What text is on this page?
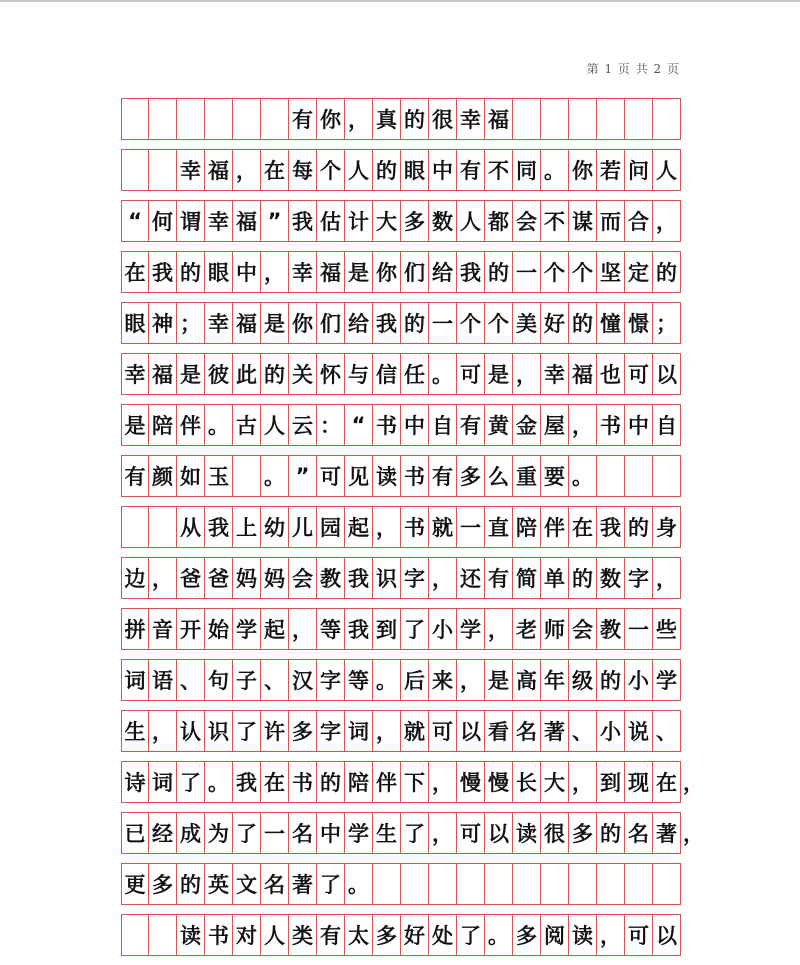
第 1 页 共 2 页
有 你 ， 真 的 很 幸 福
幸 福 ， 在 每 个 人 的 眼 中 有 不 同 。 你 若 问 人
“ 何 谓 幸 福 ” 我 估 计 大 多 数 人 都 会 不 谋 而 合 ，
在 我 的 眼 中 ， 幸 福 是 你 们 给 我 的 一 个 个 坚 定 的
眼 神 ； 幸 福 是 你 们 给 我 的 一 个 个 美 好 的 憧 憬 ；
幸 福 是 彼 此 的 关 怀 与 信 任 。 可 是 ， 幸 福 也 可 以
是 陪 伴 。 古 人 云 ： “ 书 中 自 有 黄 金 屋 ， 书 中 自
有 颜 如 玉 。 ” 可 见 读 书 有 多 么 重 要 。
从 我 上 幼 儿 园 起 ， 书 就 一 直 陪 伴 在 我 的 身
边 ， 爸 爸 妈 妈 会 教 我 识 字 ， 还 有 简 单 的 数 字 ，
拼 音 开 始 学 起 ， 等 我 到 了 小 学 ， 老 师 会 教 一 些
词 语 、 句 子 、 汉 字 等 。 后 来 ， 是 高 年 级 的 小 学
生 ， 认 识 了 许 多 字 词 ， 就 可 以 看 名 著 、 小 说 、
诗 词 了 。 我 在 书 的 陪 伴 下 ， 慢 慢 长 大 ， 到 现 在 ，
已 经 成 为 了 一 名 中 学 生 了 ， 可 以 读 很 多 的 名 著 ，
更 多 的 英 文 名 著 了 。
读 书 对 人 类 有 太 多 好 处 了 。 多 阅 读 ， 可 以
